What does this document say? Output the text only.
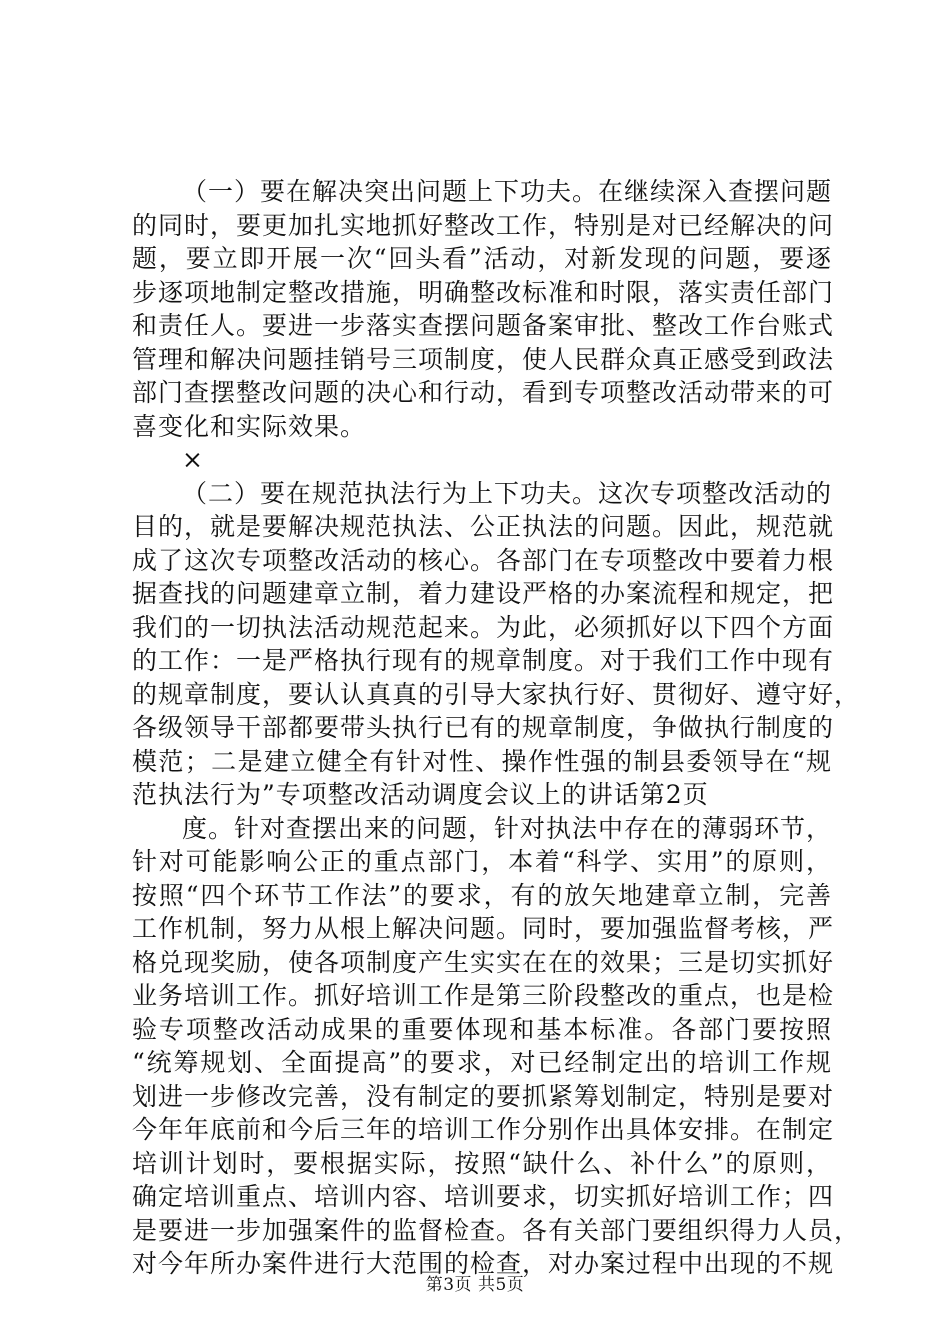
（一）要在解决突出问题上下功夫。在继续深入查摆问题
的同时，要更加扎实地抓好整改工作，特别是对已经解决的问
题，要立即开展一次“回头看”活动，对新发现的问题，要逐
步逐项地制定整改措施，明确整改标准和时限，落实责任部门
和责任人。要进一步落实查摆问题备案审批、整改工作台账式
管理和解决问题挂销号三项制度，使人民群众真正感受到政法
部门查摆整改问题的决心和行动，看到专项整改活动带来的可
喜变化和实际效果。
×
（二）要在规范执法行为上下功夫。这次专项整改活动的
目的，就是要解决规范执法、公正执法的问题。因此，规范就
成了这次专项整改活动的核心。各部门在专项整改中要着力根
据查找的问题建章立制，着力建设严格的办案流程和规定，把
我们的一切执法活动规范起来。为此，必须抓好以下四个方面
的工作：一是严格执行现有的规章制度。对于我们工作中现有
的规章制度，要认认真真的引导大家执行好、贯彻好、遵守好，
各级领导干部都要带头执行已有的规章制度，争做执行制度的
模范；二是建立健全有针对性、操作性强的制县委领导在“规
范执法行为”专项整改活动调度会议上的讲话第2页
度。针对查摆出来的问题，针对执法中存在的薄弱环节，
针对可能影响公正的重点部门，本着“科学、实用”的原则，
按照“四个环节工作法”的要求，有的放矢地建章立制，完善
工作机制，努力从根上解决问题。同时，要加强监督考核，严
格兑现奖励，使各项制度产生实实在在的效果；三是切实抓好
业务培训工作。抓好培训工作是第三阶段整改的重点，也是检
验专项整改活动成果的重要体现和基本标准。各部门要按照
“统筹规划、全面提高”的要求，对已经制定出的培训工作规
划进一步修改完善，没有制定的要抓紧筹划制定，特别是要对
今年年底前和今后三年的培训工作分别作出具体安排。在制定
培训计划时，要根据实际，按照“缺什么、补什么”的原则，
确定培训重点、培训内容、培训要求，切实抓好培训工作；四
是要进一步加强案件的监督检查。各有关部门要组织得力人员，
对今年所办案件进行大范围的检查，对办案过程中出现的不规
第3页 共5页
